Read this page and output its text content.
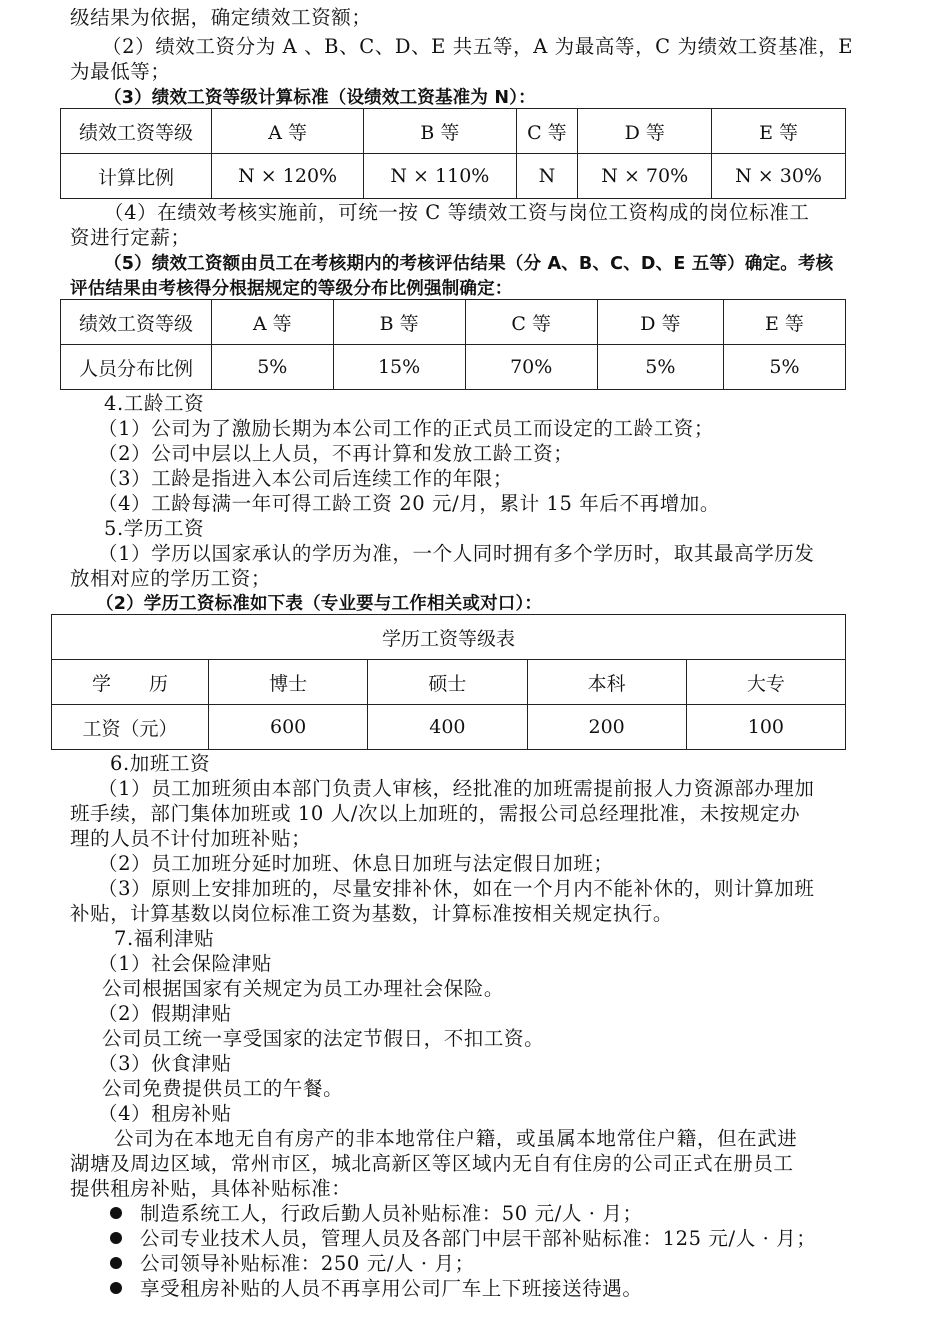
级结果为依据，确定绩效工资额；
（2）绩效工资分为 A 、B、C、D、E 共五等，A 为最高等，C 为绩效工资基准，E
为最低等；
（3）绩效工资等级计算标准（设绩效工资基准为 N）：
绩效工资等级	A 等	B 等	C 等	D 等	E 等
计算比例	N × 120%	N × 110%	N	N × 70%	N × 30%
（4）在绩效考核实施前，可统一按 C 等绩效工资与岗位工资构成的岗位标准工
资进行定薪；
（5）绩效工资额由员工在考核期内的考核评估结果（分 A、B、C、D、E 五等）确定。考核
评估结果由考核得分根据规定的等级分布比例强制确定：
绩效工资等级	A 等	B 等	C 等	D 等	E 等
人员分布比例	5%	15%	70%	5%	5%
4.工龄工资
（1）公司为了激励长期为本公司工作的正式员工而设定的工龄工资；
（2）公司中层以上人员，不再计算和发放工龄工资；
（3）工龄是指进入本公司后连续工作的年限；
（4）工龄每满一年可得工龄工资 20 元/月，累计 15 年后不再增加。
5.学历工资
（1）学历以国家承认的学历为准，一个人同时拥有多个学历时，取其最高学历发
放相对应的学历工资；
（2）学历工资标准如下表（专业要与工作相关或对口）：
学历工资等级表				
学　　历	博士	硕士	本科	大专
工资（元）	600	400	200	100
6.加班工资
（1）员工加班须由本部门负责人审核，经批准的加班需提前报人力资源部办理加
班手续，部门集体加班或 10 人/次以上加班的，需报公司总经理批准，未按规定办
理的人员不计付加班补贴；
（2）员工加班分延时加班、休息日加班与法定假日加班；
（3）原则上安排加班的，尽量安排补休，如在一个月内不能补休的，则计算加班
补贴，计算基数以岗位标准工资为基数，计算标准按相关规定执行。
7.福利津贴
（1）社会保险津贴
公司根据国家有关规定为员工办理社会保险。
（2）假期津贴
公司员工统一享受国家的法定节假日，不扣工资。
（3）伙食津贴
公司免费提供员工的午餐。
（4）租房补贴
公司为在本地无自有房产的非本地常住户籍，或虽属本地常住户籍，但在武进
湖塘及周边区域，常州市区，城北高新区等区域内无自有住房的公司正式在册员工
提供租房补贴，具体补贴标准：
制造系统工人，行政后勤人员补贴标准：50 元/人 · 月；
公司专业技术人员，管理人员及各部门中层干部补贴标准：125 元/人 · 月；
公司领导补贴标准：250 元/人 · 月；
享受租房补贴的人员不再享用公司厂车上下班接送待遇。
